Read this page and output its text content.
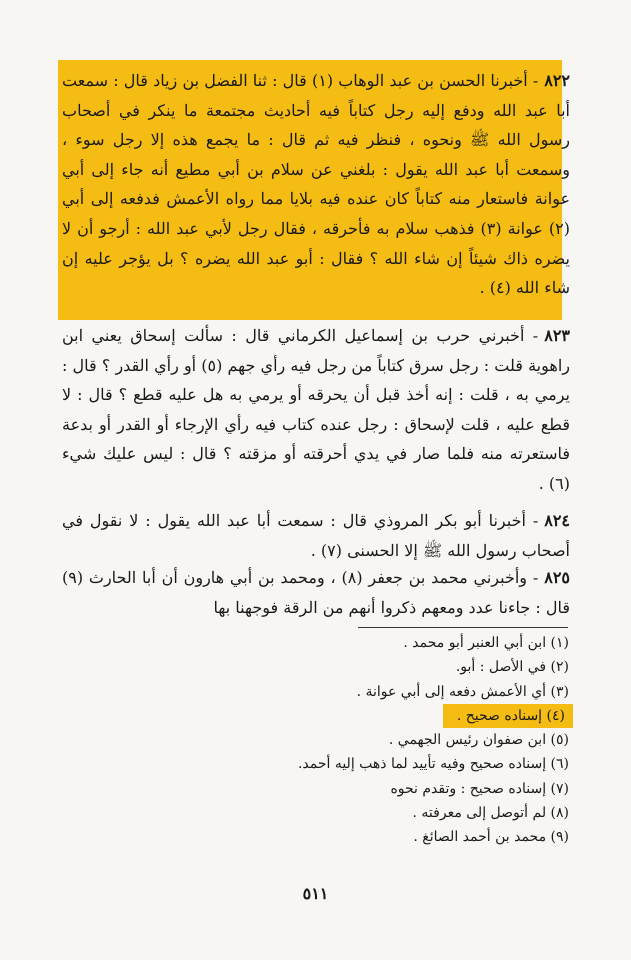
٨٢٢- أخبرنا الحسن بن عبد الوهاب (١) قال : ثنا الفضل بن زياد قال : سمعت أبا عبد الله ودفع إليه رجل كتاباً فيه أحاديث مجتمعة ما ينكر في أصحاب رسول الله ﷺ ونحوه ، فنظر فيه ثم قال : ما يجمع هذه إلا رجل سوء ، وسمعت أبا عبد الله يقول : بلغني عن سلام بن أبي مطيع أنه جاء إلى أبي عوانة فاستعار منه كتاباً كان عنده فيه بلايا مما رواه الأعمش فدفعه إلى أبي (٢) عوانة (٣) فذهب سلام به فأحرقه ، فقال رجل لأبي عبد الله : أرجو أن لا يضره ذاك شيئاً إن شاء الله ؟ فقال : أبو عبد الله يضره ؟ بل يؤجر عليه إن شاء الله (٤) .
٨٢٣- أخبرني حرب بن إسماعيل الكرماني قال : سألت إسحاق يعني ابن راهوية قلت : رجل سرق كتاباً من رجل فيه رأي جهم (٥) أو رأي القدر ؟ قال : يرمي به ، قلت : إنه أخذ قبل أن يحرقه أو يرمي به هل عليه قطع ؟ قال : لا قطع عليه ، قلت لإسحاق : رجل عنده كتاب فيه رأي الإرجاء أو القدر أو بدعة فاستعرته منه فلما صار في يدي أحرقته أو مزقته ؟ قال : ليس عليك شيء (٦) .
٨٢٤- أخبرنا أبو بكر المروذي قال : سمعت أبا عبد الله يقول : لا نقول في أصحاب رسول الله ﷺ إلا الحسنى (٧) .
٨٢٥- وأخبرني محمد بن جعفر (٨) ، ومحمد بن أبي هارون أن أبا الحارث (٩) قال : جاءنا عدد ومعهم ذكروا أنهم من الرقة فوجهنا بها
(١) ابن أبي العنبر أبو محمد .
(٢) في الأصل : أبو.
(٣) أي الأعمش دفعه إلى أبي عوانة .
(٤) إسناده صحيح .
(٥) ابن صفوان رئيس الجهمي .
(٦) إسناده صحيح وفيه تأييد لما ذهب إليه أحمد.
(٧) إسناده صحيح : وتقدم نحوه
(٨) لم أتوصل إلى معرفته .
(٩) محمد بن أحمد الصائغ .
٥١١
